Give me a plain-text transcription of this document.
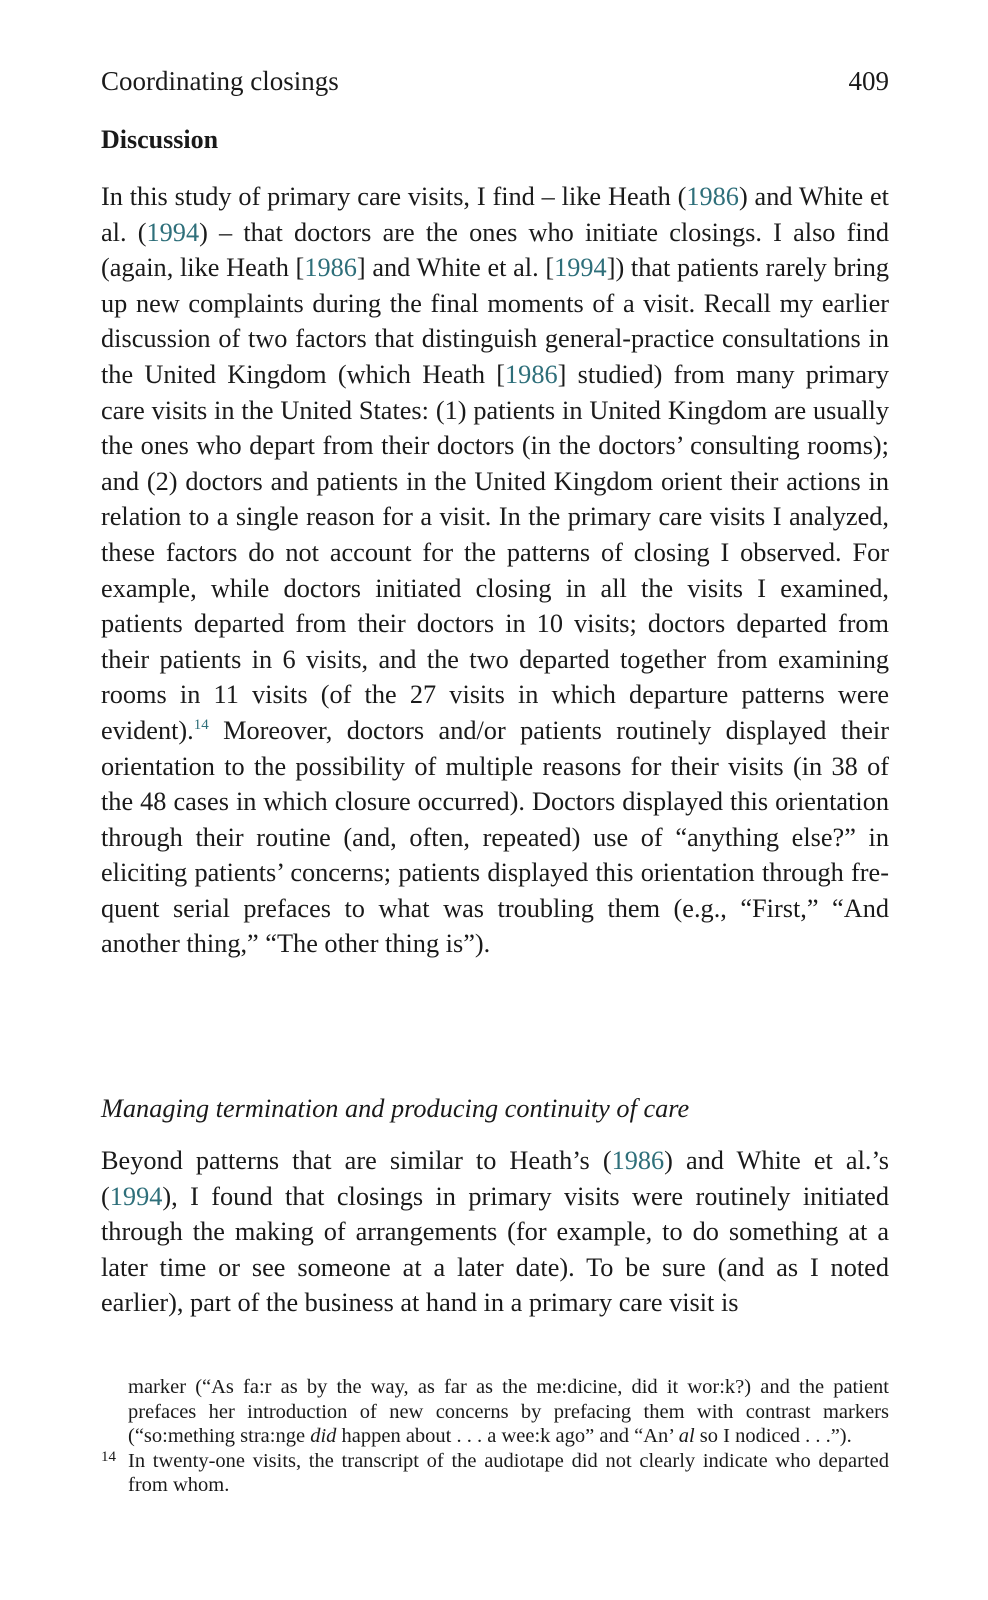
Coordinating closings	409
Discussion

In this study of primary care visits, I find – like Heath (1986) and White et al. (1994) – that doctors are the ones who initiate closings. I also find (again, like Heath [1986] and White et al. [1994]) that patients rarely bring up new complaints during the final moments of a visit. Recall my earlier discussion of two factors that distinguish general-practice consultations in the United Kingdom (which Heath [1986] studied) from many primary care visits in the United States: (1) patients in United Kingdom are usually the ones who depart from their doctors (in the doctors’ consulting rooms); and (2) doctors and patients in the United Kingdom orient their actions in relation to a single reason for a visit. In the primary care visits I analyzed, these factors do not account for the patterns of closing I observed. For example, while doctors initiated closing in all the visits I examined, patients departed from their doctors in 10 visits; doctors departed from their patients in 6 visits, and the two departed together from examining rooms in 11 visits (of the 27 visits in which departure patterns were evident).$^{14}$ Moreover, doctors and/or patients routinely displayed their orientation to the possibility of multiple reasons for their visits (in 38 of the 48 cases in which closure occurred). Doctors displayed this orientation through their routine (and, often, repeated) use of “anything else?” in eliciting patients’ concerns; patients displayed this orientation through frequent serial prefaces to what was troubling them (e.g., “First,” “And another thing,” “The other thing is”).

Managing termination and producing continuity of care

Beyond patterns that are similar to Heath’s (1986) and White et al.’s (1994), I found that closings in primary visits were routinely initiated through the making of arrangements (for example, to do something at a later time or see someone at a later date). To be sure (and as I noted earlier), part of the business at hand in a primary care visit is

marker (“As fa:r as by the way, as far as the me:dicine, did it wor:k?) and the patient prefaces her introduction of new concerns by prefacing them with contrast markers (“so:mething stra:nge did happen about . . . a wee:k ago” and “An’ al so I nodiced . . .”).

14 In twenty-one visits, the transcript of the audiotape did not clearly indicate who departed from whom.
